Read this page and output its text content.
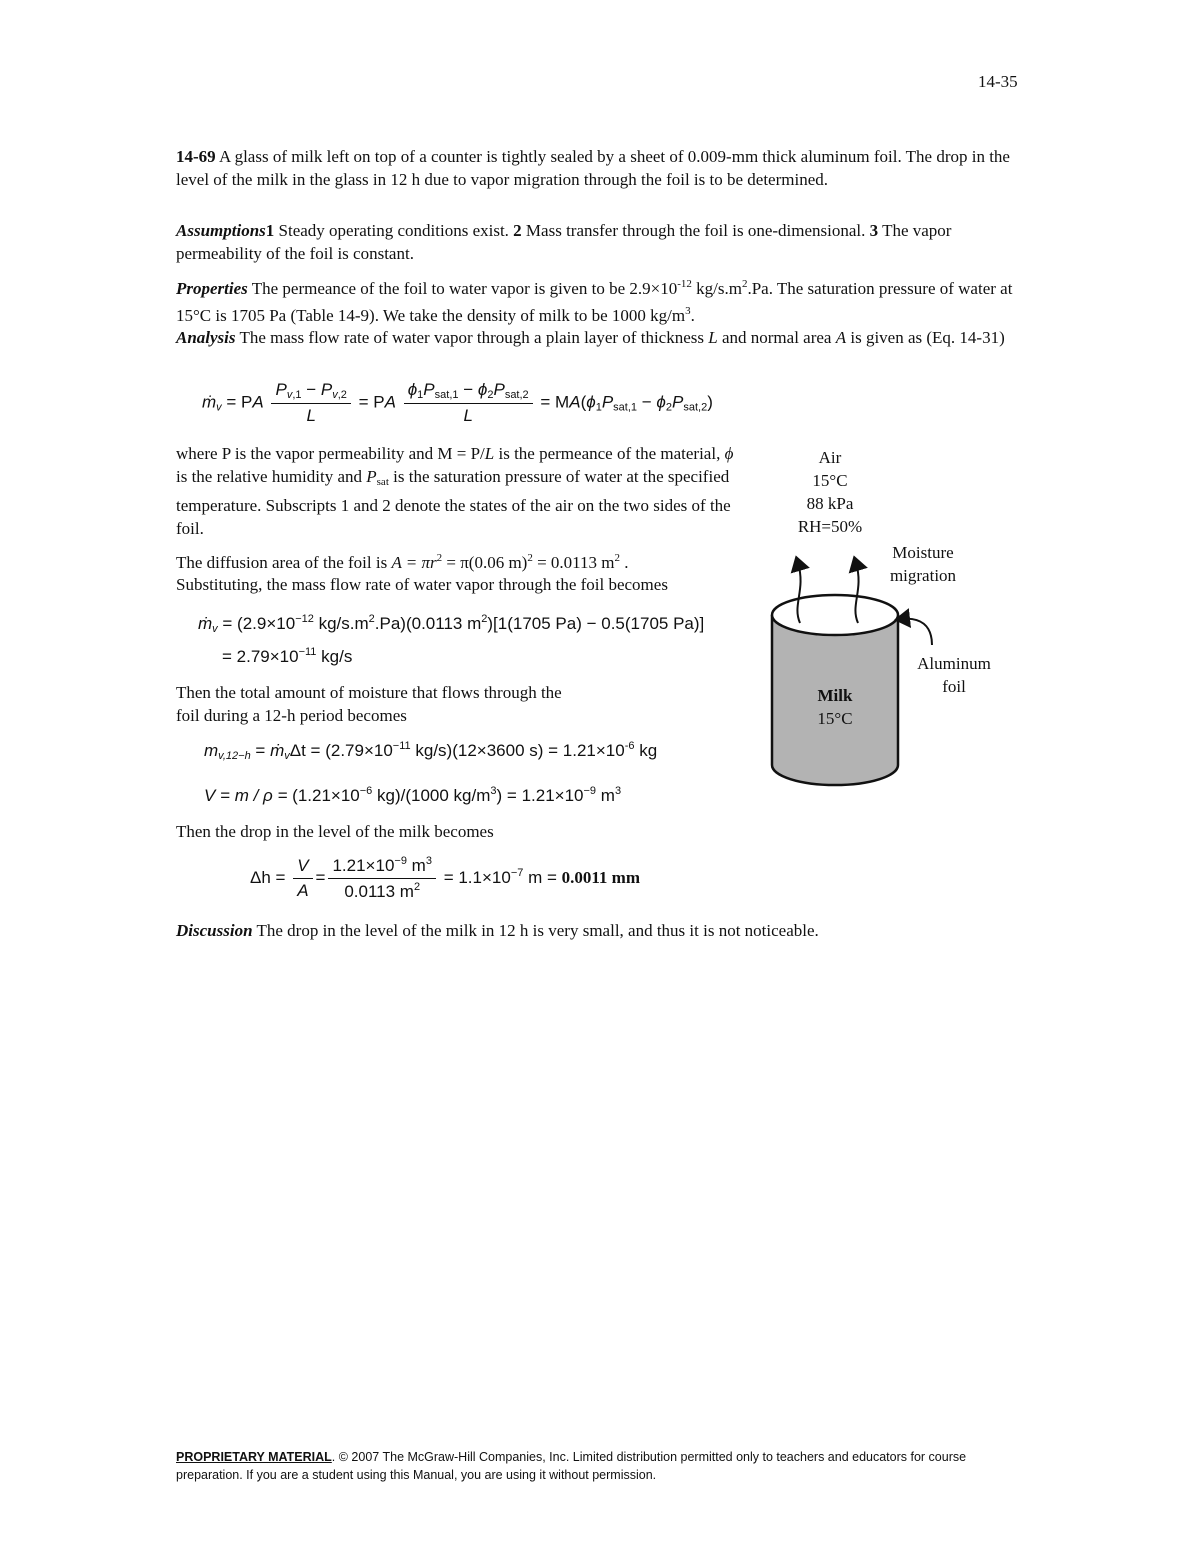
14-35
14-69 A glass of milk left on top of a counter is tightly sealed by a sheet of 0.009-mm thick aluminum foil. The drop in the level of the milk in the glass in 12 h due to vapor migration through the foil is to be determined.
Assumptions1 Steady operating conditions exist. 2 Mass transfer through the foil is one-dimensional. 3 The vapor permeability of the foil is constant.
Properties The permeance of the foil to water vapor is given to be $2.9\times 10^{-12}$ $kg/s.m^2.Pa$. The saturation pressure of water at 15°C is 1705 Pa (Table 14-9). We take the density of milk to be 1000 $kg/m^3$.
Analysis The mass flow rate of water vapor through a plain layer of thickness L and normal area A is given as (Eq. 14-31)
ṁ$_v$ = PA $\frac{P_{v,1} - P_{v,2}}{L}$ = PA $\frac{\phi_1P_{sat,1} - \phi_2P_{sat,2}}{L} = MA(\phi_1P_{sat,1} - \phi_2P_{sat,2})$
where P is the vapor permeability and M = P/L is the permeance of the material, ϕ is the relative humidity and $P_{sat}$ is the saturation pressure of water at the specified temperature. Subscripts 1 and 2 denote the states of the air on the two sides of the foil.
The diffusion area of the foil is $A = \pi r^2 = \pi(0.06$ m)$^2$ = 0.0113 $m^2$ .
Substituting, the mass flow rate of water vapor through the foil becomes
ṁ$_v$ = ($2.9\times 10^{-12}$ $kg/s.m^2.Pa)(0.0113$ $m^2)[1(1705$ Pa) − 0.5(1705 Pa)]
= $2.79\times 10^{-11}$ kg/s
Then the total amount of moisture that flows through the
foil during a 12-h period becomes
$m_{v,12-h}$ = ṁ$_v$Δt = ($2.79\times 10^{-11}$ kg/s)(12×3600 $s) = 1.21\times 10^{-6}$ kg
$V = m / \rho = (1.21\times 10^{-6}$ kg)/(1000 $kg/m^3) = 1.21\times 10^{-9}$ $m^3$
Then the drop in the level of the milk becomes
$\Delta h = \frac{V}{A} = \frac{1.21\times 10^{-9} m^3}{0.0113 m^2} = 1.1\times 10^{-7}$ m = 0.0011 mm
Discussion The drop in the level of the milk in 12 h is very small, and thus it is not noticeable.
Air
15°C
88 kPa
RH=50%
Moisture
migration
Aluminum
foil
Milk
15°C
PROPRIETARY MATERIAL. © 2007 The McGraw-Hill Companies, Inc. Limited distribution permitted only to teachers and educators for course preparation. If you are a student using this Manual, you are using it without permission.
